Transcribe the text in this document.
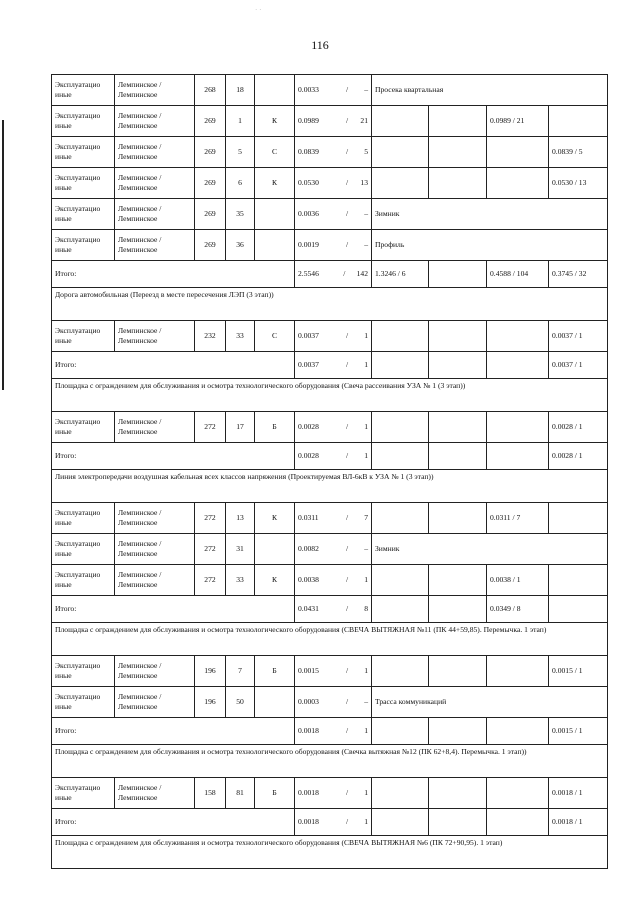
· ·
116
Эксплуатацио иные	Лемпинское / Лемпинское	268	18		0.0033 / –	Просека квартальная			
Эксплуатацио иные	Лемпинское / Лемпинское	269	1	К	0.0989 / 21			0.0989 / 21	
Эксплуатацио иные	Лемпинское / Лемпинское	269	5	С	0.0839 / 5				0.0839 / 5
Эксплуатацио иные	Лемпинское / Лемпинское	269	6	К	0.0530 / 13				0.0530 / 13
Эксплуатацио иные	Лемпинское / Лемпинское	269	35		0.0036 / –	Зимник			
Эксплуатацио иные	Лемпинское / Лемпинское	269	36		0.0019 / –	Профиль			
Итого:					2.5546 / 142	1.3246 / 6		0.4588 / 104	0.3745 / 32
Дорога автомобильная (Переезд в месте пересечения ЛЭП (3 этап))									
Эксплуатацио иные	Лемпинское / Лемпинское	232	33	С	0.0037 / 1				0.0037 / 1
Итого:					0.0037 / 1				0.0037 / 1
Площадка с ограждением для обслуживания и осмотра технологического оборудования (Свеча рассеивания УЗА № 1 (3 этап))									
Эксплуатацио иные	Лемпинское / Лемпинское	272	17	Б	0.0028 / 1				0.0028 / 1
Итого:					0.0028 / 1				0.0028 / 1
Линия электропередачи воздушная кабельная всех классов напряжения (Проектируемая ВЛ-6кВ к УЗА № 1 (3 этап))									
Эксплуатацио иные	Лемпинское / Лемпинское	272	13	К	0.0311 / 7			0.0311 / 7	
Эксплуатацио иные	Лемпинское / Лемпинское	272	31		0.0082 / –	Зимник			
Эксплуатацио иные	Лемпинское / Лемпинское	272	33	К	0.0038 / 1			0.0038 / 1	
Итого:					0.0431 / 8			0.0349 / 8	
Площадка с ограждением для обслуживания и осмотра технологического оборудования (СВЕЧА ВЫТЯЖНАЯ №11 (ПК 44+59,85). Перемычка. 1 этап)									
Эксплуатацио иные	Лемпинское / Лемпинское	196	7	Б	0.0015 / 1				0.0015 / 1
Эксплуатацио иные	Лемпинское / Лемпинское	196	50		0.0003 / –	Трасса коммуникаций			
Итого:					0.0018 / 1				0.0015 / 1
Площадка с ограждением для обслуживания и осмотра технологического оборудования (Свечка вытяжная №12 (ПК 62+8,4). Перемычка. 1 этап))									
Эксплуатацио иные	Лемпинское / Лемпинское	158	81	Б	0.0018 / 1				0.0018 / 1
Итого:					0.0018 / 1				0.0018 / 1
Площадка с ограждением для обслуживания и осмотра технологического оборудования (СВЕЧА ВЫТЯЖНАЯ №6 (ПК 72+90,95). 1 этап)									
